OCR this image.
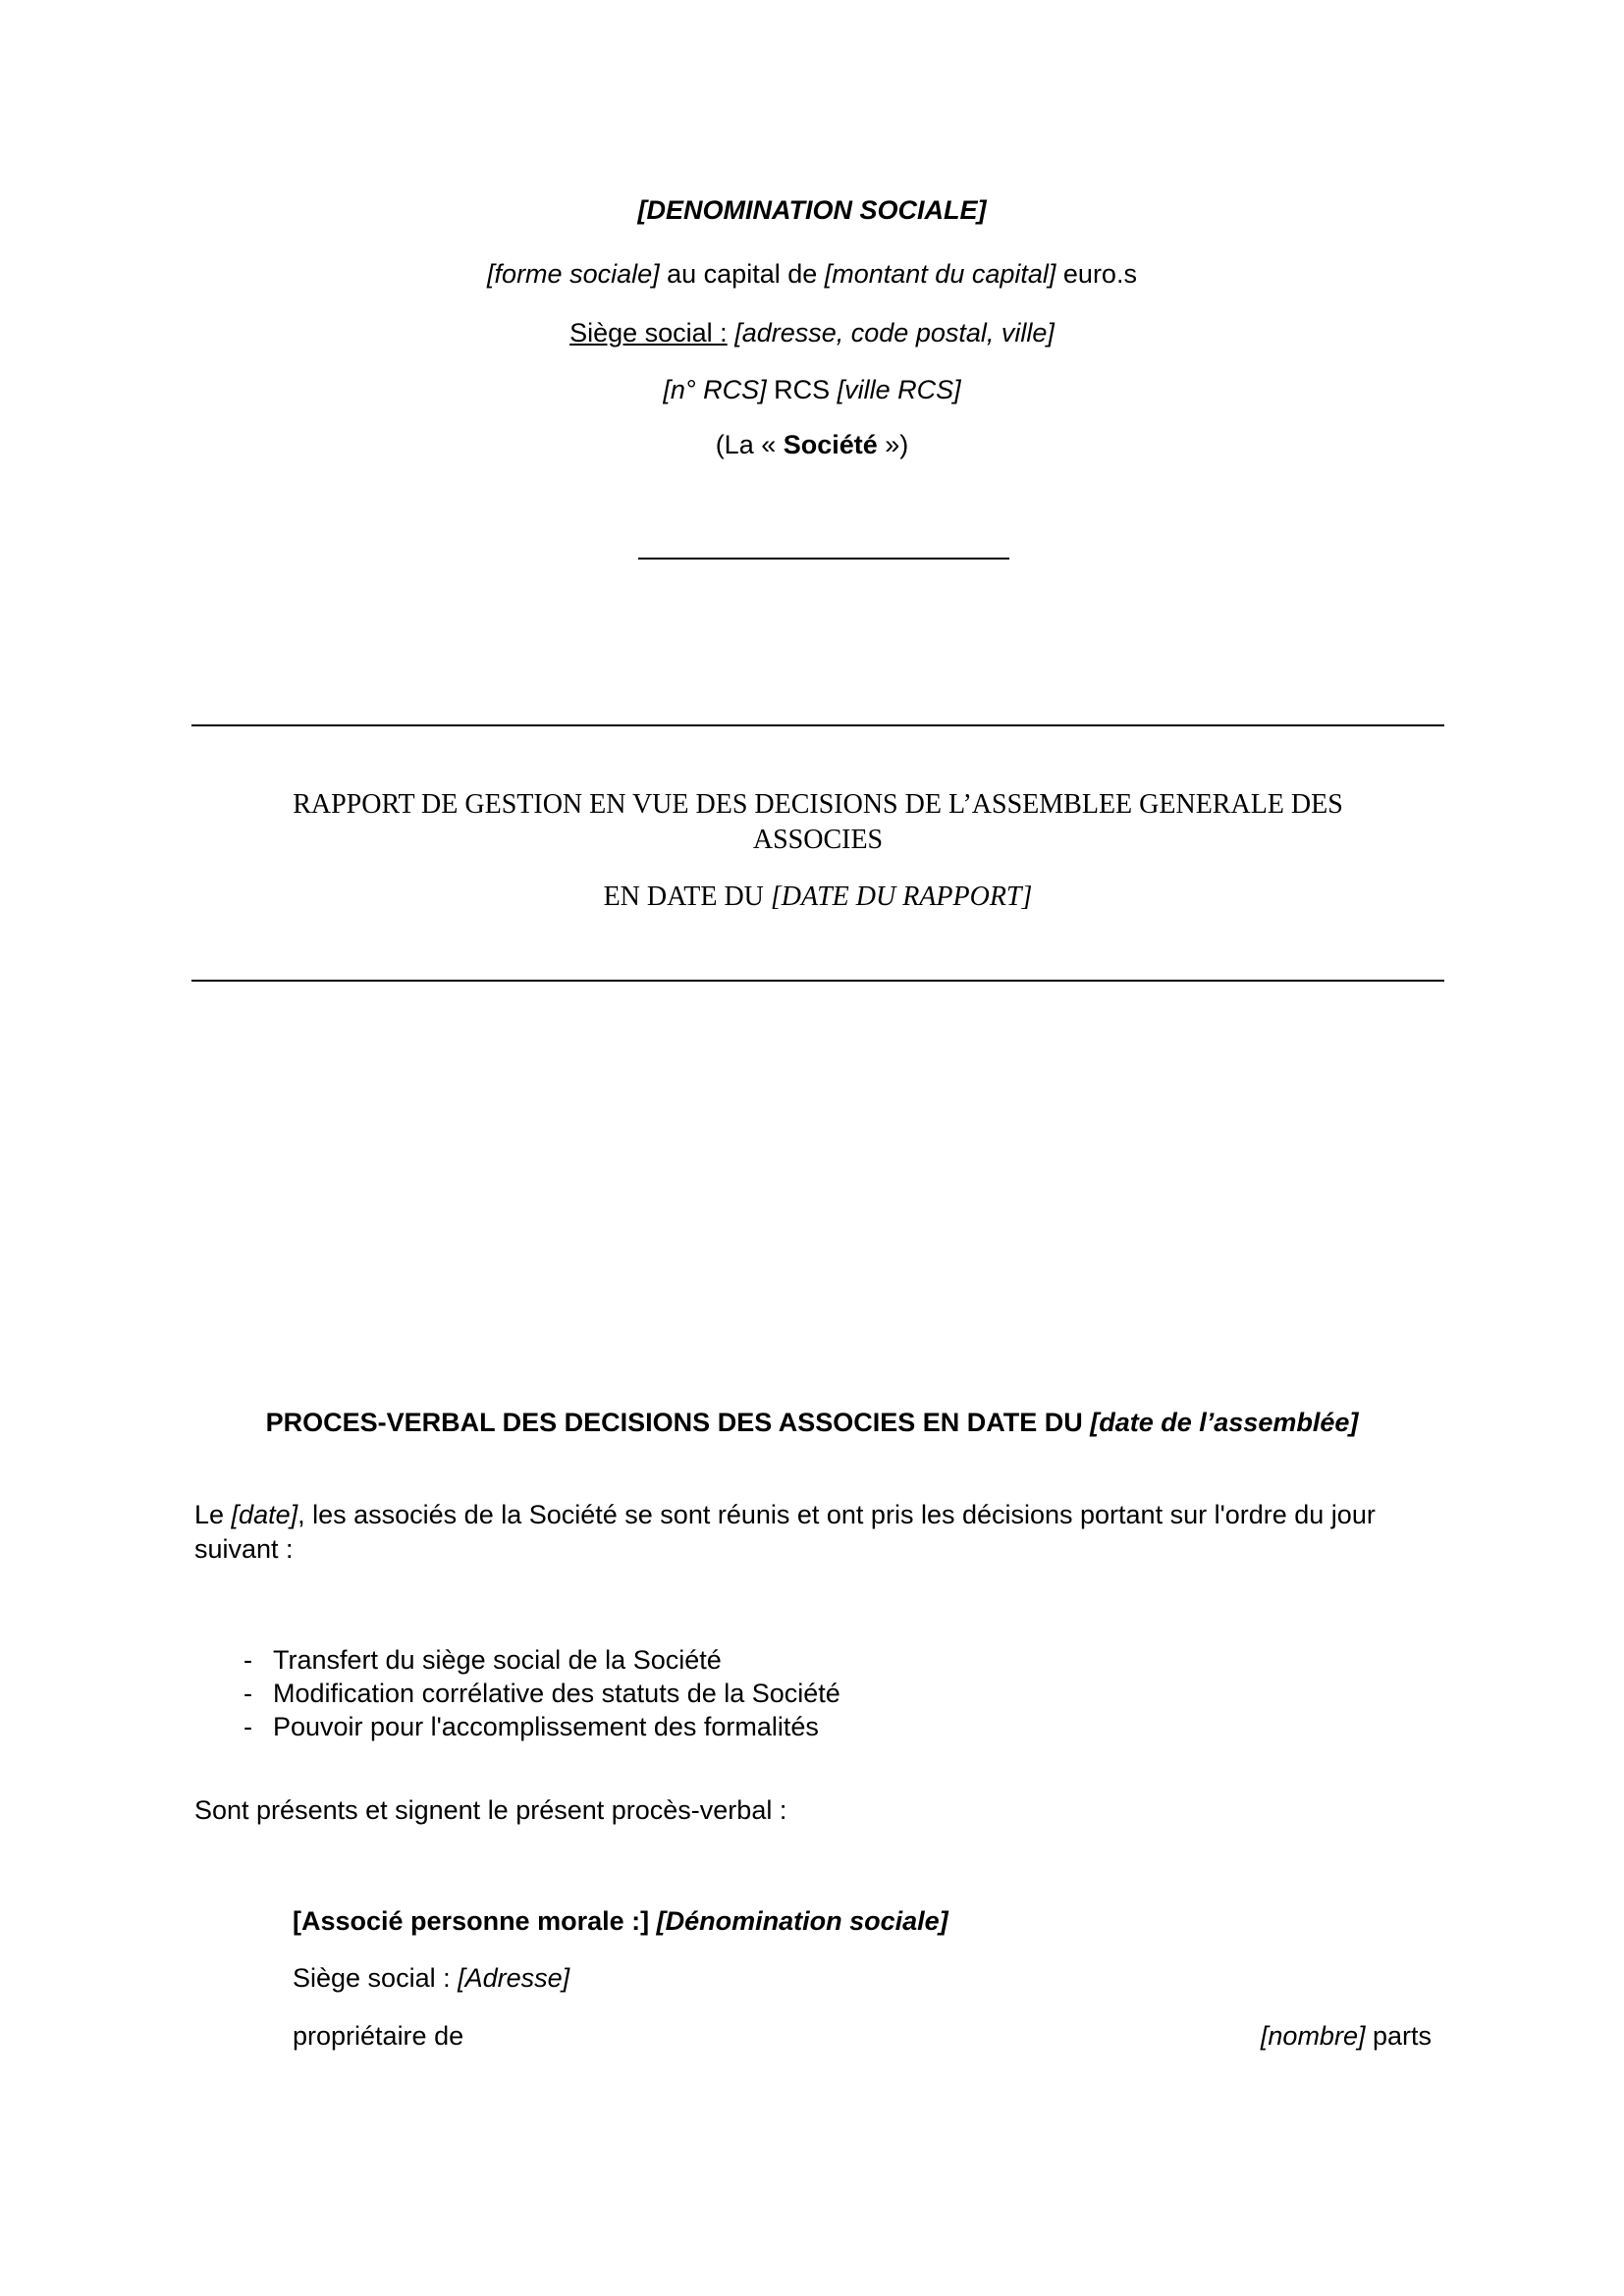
[DENOMINATION SOCIALE]
[forme sociale] au capital de [montant du capital] euro.s
Siège social : [adresse, code postal, ville]
[n° RCS] RCS [ville RCS]
(La « Société »)
RAPPORT DE GESTION EN VUE DES DECISIONS DE L’ASSEMBLEE GENERALE DES
ASSOCIES
EN DATE DU [DATE DU RAPPORT]
PROCES-VERBAL DES DECISIONS DES ASSOCIES EN DATE DU [date de l’assemblée]
Le [date], les associés de la Société se sont réunis et ont pris les décisions portant sur l'ordre du jour
suivant :
- Transfert du siège social de la Société
- Modification corrélative des statuts de la Société
- Pouvoir pour l'accomplissement des formalités
Sont présents et signent le présent procès-verbal :
[Associé personne morale :] [Dénomination sociale]
Siège social : [Adresse]
propriétaire de	[nombre] parts
